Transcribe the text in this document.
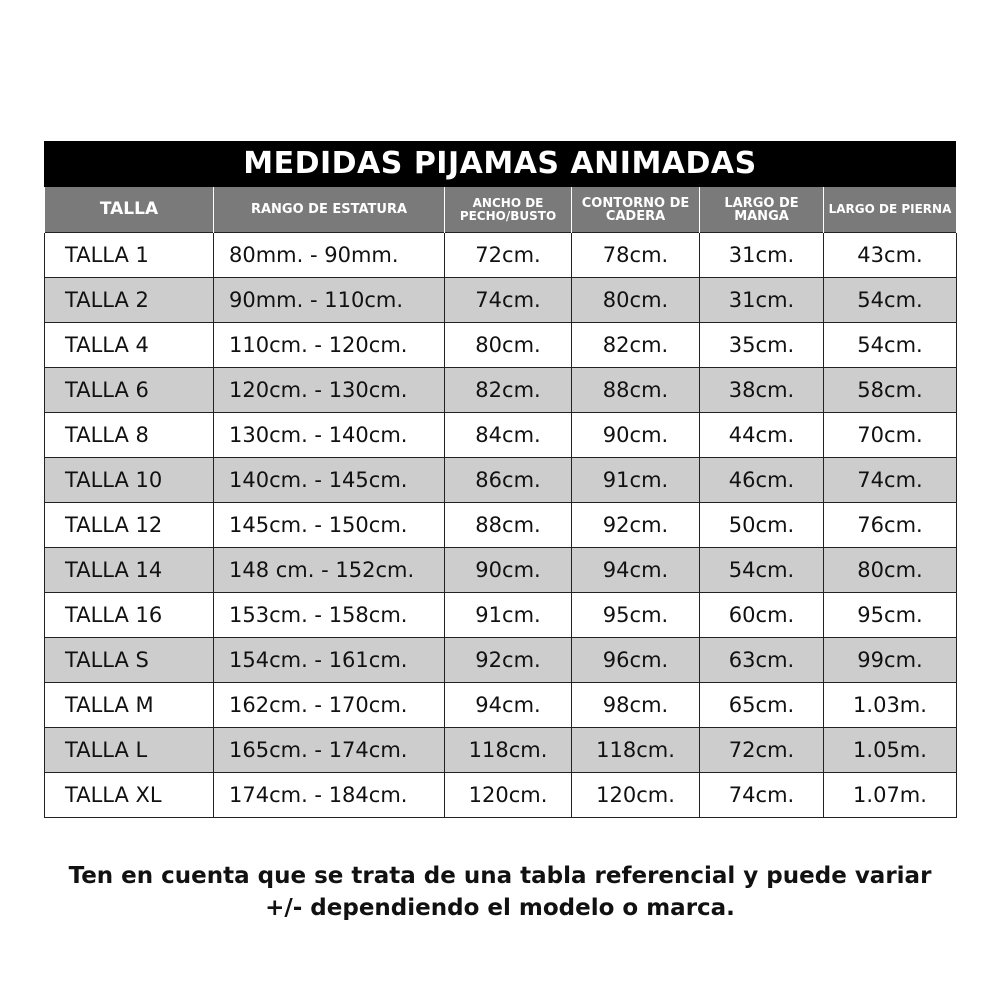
MEDIDAS PIJAMAS ANIMADAS
TALLA	RANGO DE ESTATURA	ANCHO DE PECHO/BUSTO	CONTORNO DE CADERA	LARGO DE MANGA	LARGO DE PIERNA
TALLA 1	80mm. - 90mm.	72cm.	78cm.	31cm.	43cm.
TALLA 2	90mm. - 110cm.	74cm.	80cm.	31cm.	54cm.
TALLA 4	110cm. - 120cm.	80cm.	82cm.	35cm.	54cm.
TALLA 6	120cm. - 130cm.	82cm.	88cm.	38cm.	58cm.
TALLA 8	130cm. - 140cm.	84cm.	90cm.	44cm.	70cm.
TALLA 10	140cm. - 145cm.	86cm.	91cm.	46cm.	74cm.
TALLA 12	145cm. - 150cm.	88cm.	92cm.	50cm.	76cm.
TALLA 14	148 cm. - 152cm.	90cm.	94cm.	54cm.	80cm.
TALLA 16	153cm. - 158cm.	91cm.	95cm.	60cm.	95cm.
TALLA S	154cm. - 161cm.	92cm.	96cm.	63cm.	99cm.
TALLA M	162cm. - 170cm.	94cm.	98cm.	65cm.	1.03m.
TALLA L	165cm. - 174cm.	118cm.	118cm.	72cm.	1.05m.
TALLA XL	174cm. - 184cm.	120cm.	120cm.	74cm.	1.07m.
Ten en cuenta que se trata de una tabla referencial y puede variar
+/- dependiendo el modelo o marca.
